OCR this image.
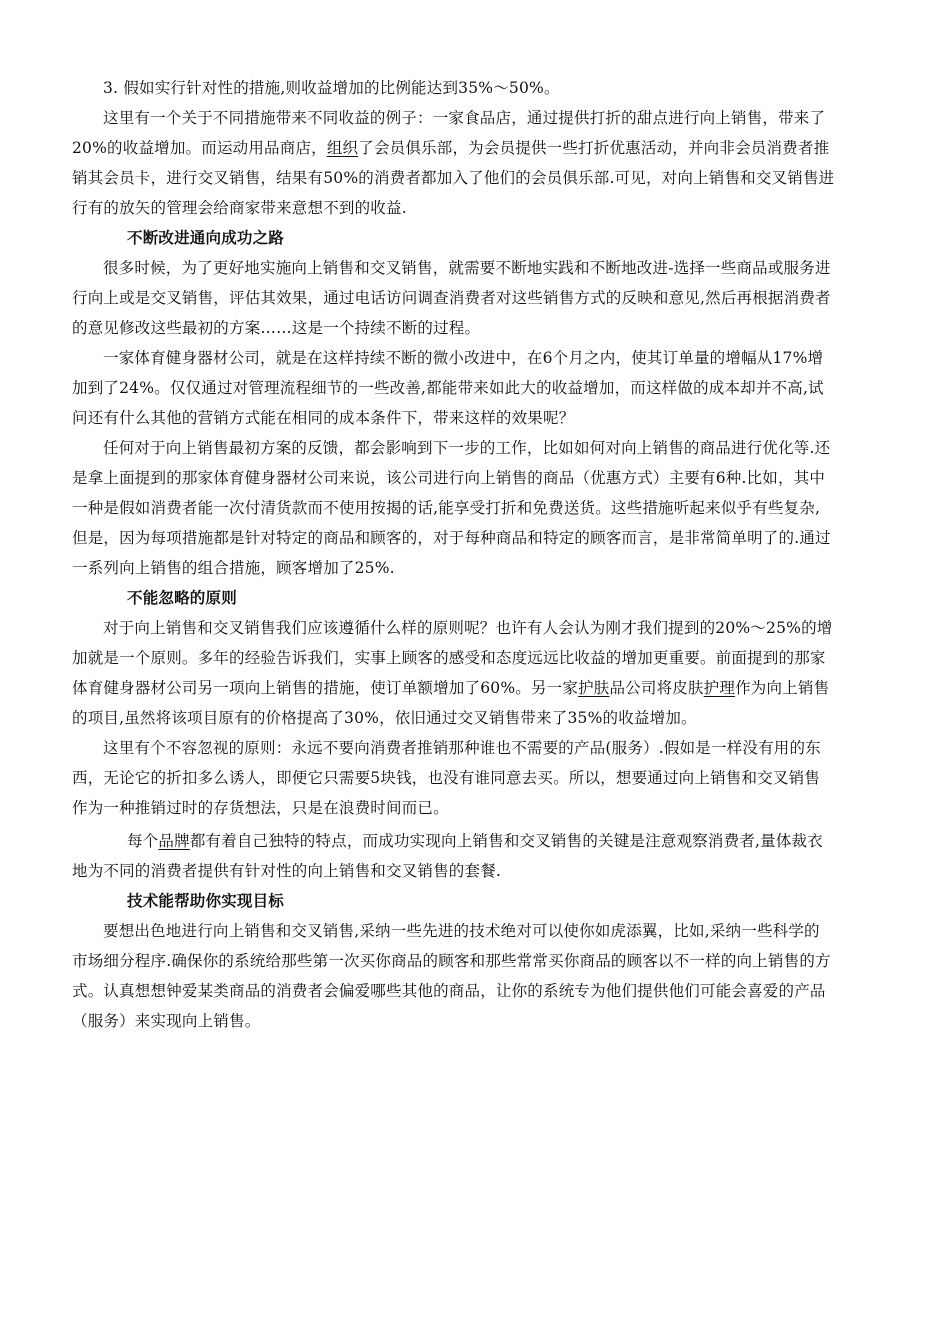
3. 假如实行针对性的措施,则收益增加的比例能达到35%～50%。
这里有一个关于不同措施带来不同收益的例子：一家食品店，通过提供打折的甜点进行向上销售，带来了
20%的收益增加。而运动用品商店，组织了会员俱乐部，为会员提供一些打折优惠活动，并向非会员消费者推
销其会员卡，进行交叉销售，结果有50%的消费者都加入了他们的会员俱乐部.可见，对向上销售和交叉销售进
行有的放矢的管理会给商家带来意想不到的收益.
不断改进通向成功之路
很多时候，为了更好地实施向上销售和交叉销售，就需要不断地实践和不断地改进-选择一些商品或服务进
行向上或是交叉销售，评估其效果，通过电话访问调查消费者对这些销售方式的反映和意见,然后再根据消费者
的意见修改这些最初的方案……这是一个持续不断的过程。
一家体育健身器材公司，就是在这样持续不断的微小改进中，在6个月之内，使其订单量的增幅从17%增
加到了24%。仅仅通过对管理流程细节的一些改善,都能带来如此大的收益增加，而这样做的成本却并不高,试
问还有什么其他的营销方式能在相同的成本条件下，带来这样的效果呢？
任何对于向上销售最初方案的反馈，都会影响到下一步的工作，比如如何对向上销售的商品进行优化等.还
是拿上面提到的那家体育健身器材公司来说，该公司进行向上销售的商品（优惠方式）主要有6种.比如，其中
一种是假如消费者能一次付清货款而不使用按揭的话,能享受打折和免费送货。这些措施听起来似乎有些复杂,
但是，因为每项措施都是针对特定的商品和顾客的，对于每种商品和特定的顾客而言，是非常简单明了的.通过
一系列向上销售的组合措施，顾客增加了25%.
不能忽略的原则
对于向上销售和交叉销售我们应该遵循什么样的原则呢？也许有人会认为刚才我们提到的20%～25%的增
加就是一个原则。多年的经验告诉我们，实事上顾客的感受和态度远远比收益的增加更重要。前面提到的那家
体育健身器材公司另一项向上销售的措施，使订单额增加了60%。另一家护肤品公司将皮肤护理作为向上销售
的项目,虽然将该项目原有的价格提高了30%，依旧通过交叉销售带来了35%的收益增加。
这里有个不容忽视的原则：永远不要向消费者推销那种谁也不需要的产品(服务）.假如是一样没有用的东
西，无论它的折扣多么诱人，即便它只需要5块钱，也没有谁同意去买。所以，想要通过向上销售和交叉销售
作为一种推销过时的存货想法，只是在浪费时间而已。
每个品牌都有着自己独特的特点，而成功实现向上销售和交叉销售的关键是注意观察消费者,量体裁衣
地为不同的消费者提供有针对性的向上销售和交叉销售的套餐.
技术能帮助你实现目标
要想出色地进行向上销售和交叉销售,采纳一些先进的技术绝对可以使你如虎添翼，比如,采纳一些科学的
市场细分程序.确保你的系统给那些第一次买你商品的顾客和那些常常买你商品的顾客以不一样的向上销售的方
式。认真想想钟爱某类商品的消费者会偏爱哪些其他的商品，让你的系统专为他们提供他们可能会喜爱的产品
（服务）来实现向上销售。
